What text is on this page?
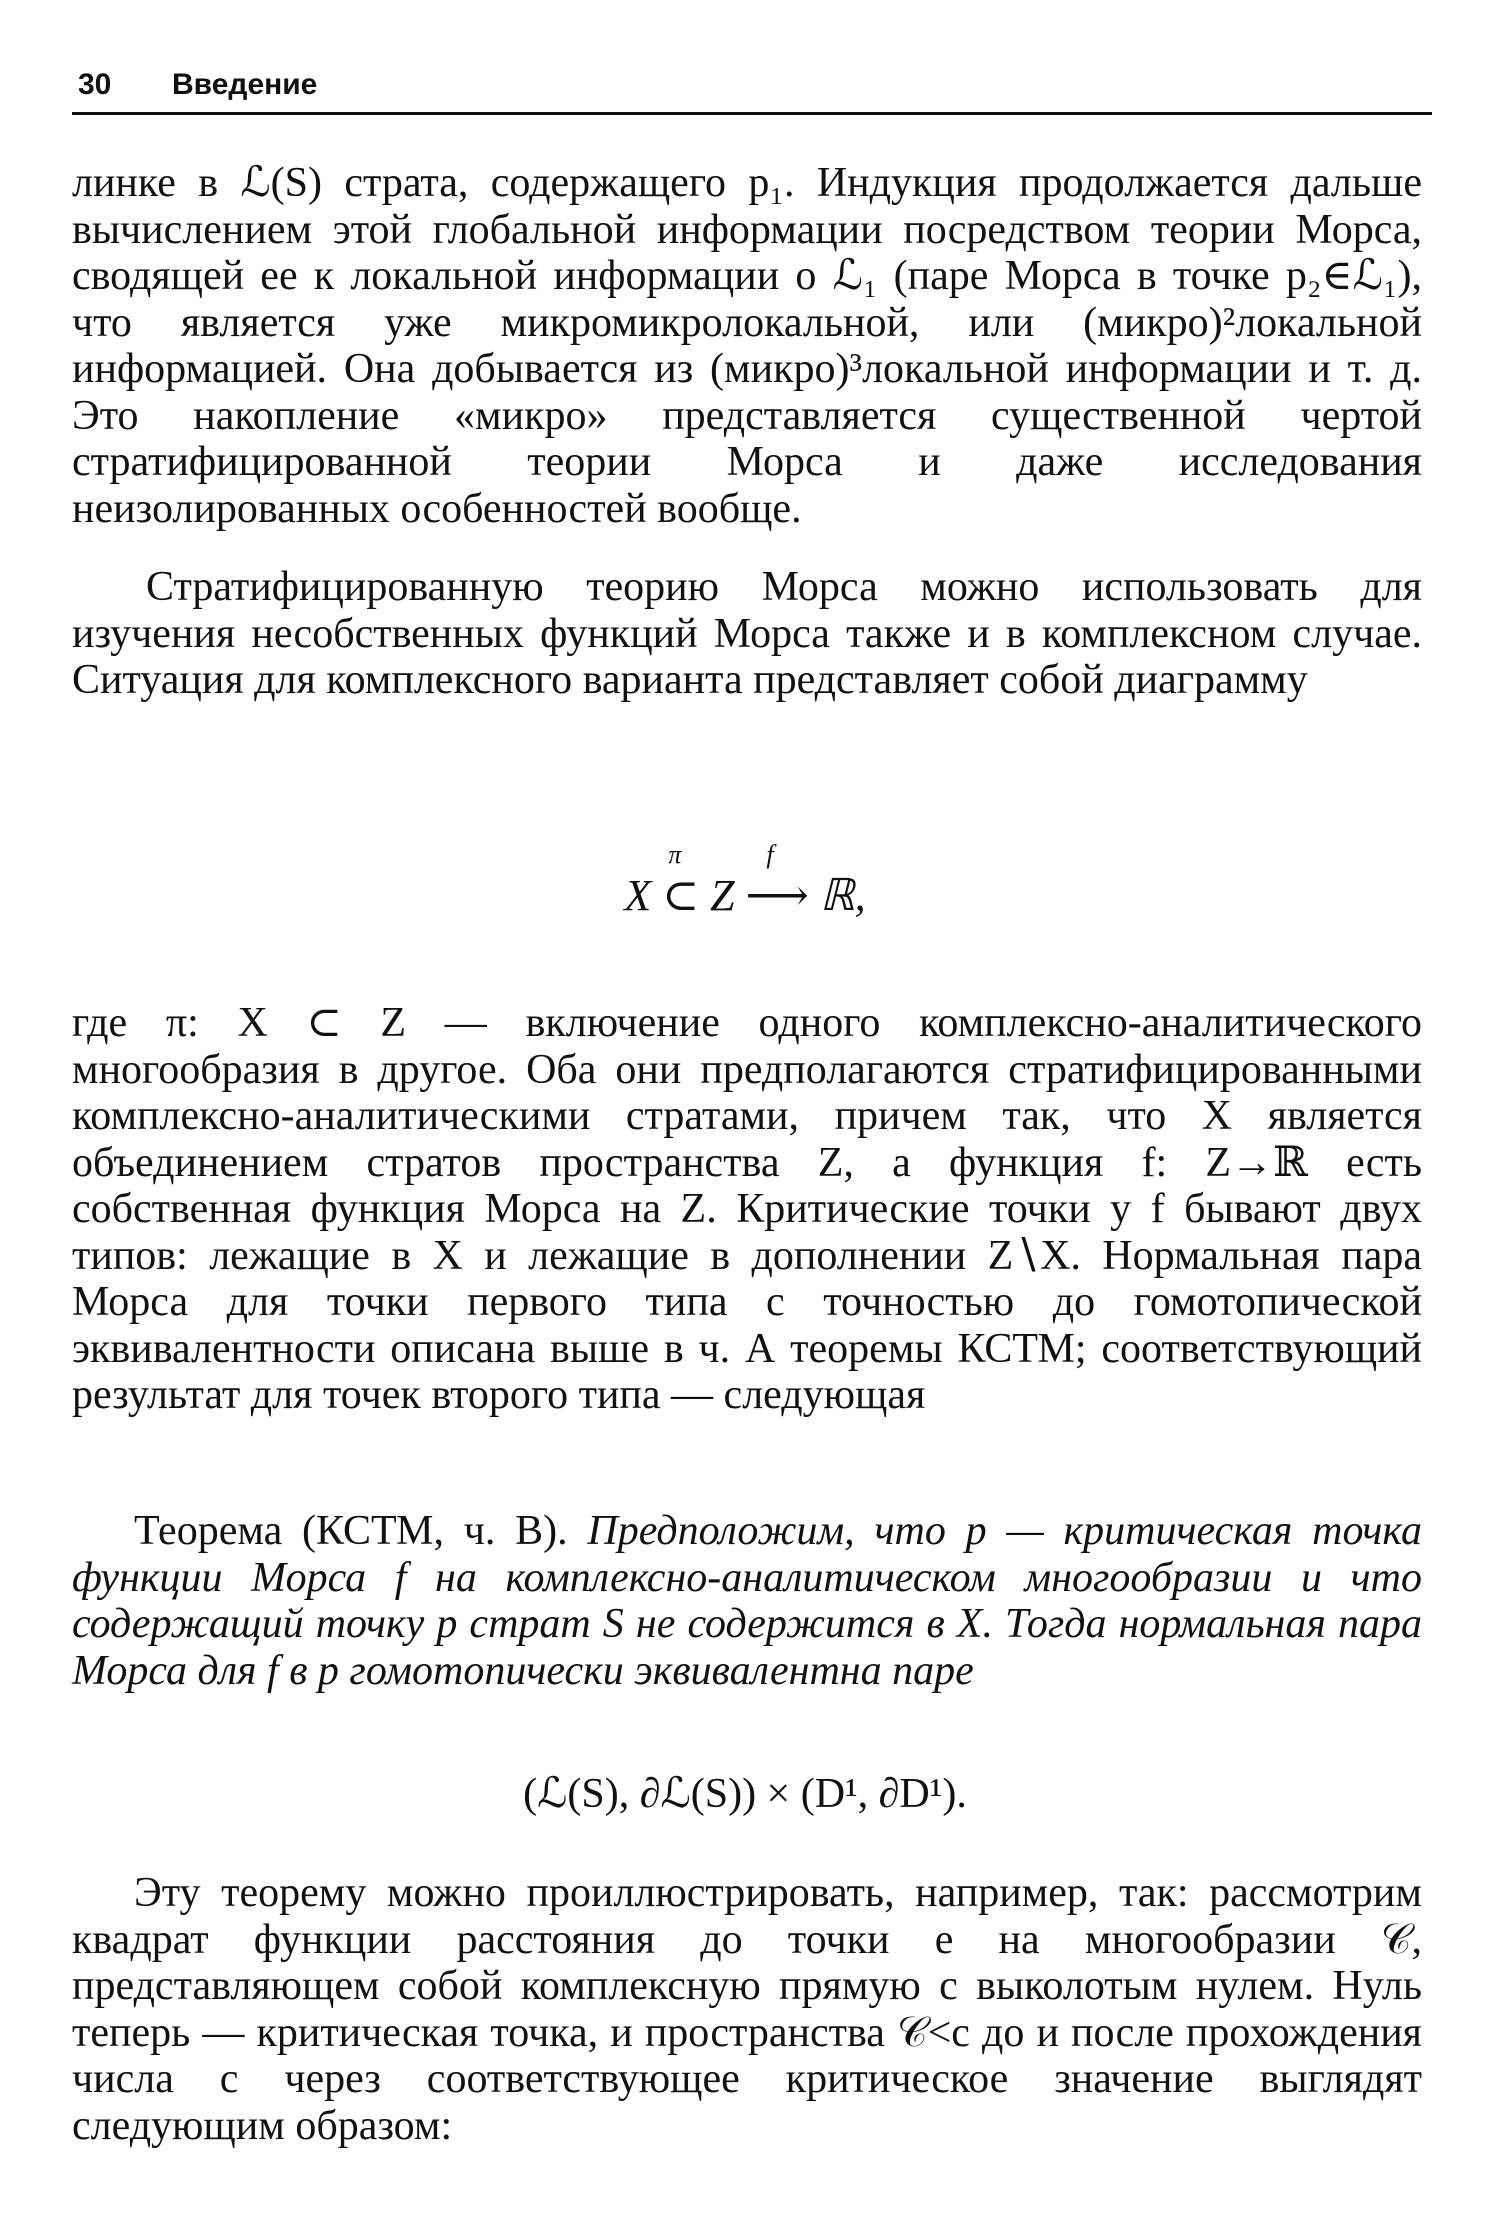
30 Введение
линке в ℒ(S) страта, содержащего p₁. Индукция продолжается дальше вычислением этой глобальной информации посредством теории Морса, сводящей ее к локальной информации о ℒ₁ (паре Морса в точке p₂∈ℒ₁), что является уже микромикролокальной, или (микро)²локальной информацией. Она добывается из (микро)³локальной информации и т. д. Это накопление «микро» представляется существенной чертой стратифицированной теории Морса и даже исследования неизолированных особенностей вообще.
Стратифицированную теорию Морса можно использовать для изучения несобственных функций Морса также и в комплексном случае. Ситуация для комплексного варианта представляет собой диаграмму
π	f
X ⊂ Z ⟶ ℝ,
где π: X ⊂ Z — включение одного комплексно-аналитического многообразия в другое. Оба они предполагаются стратифицированными комплексно-аналитическими стратами, причем так, что X является объединением стратов пространства Z, а функция f: Z→ℝ есть собственная функция Морса на Z. Критические точки у f бывают двух типов: лежащие в X и лежащие в дополнении Z∖X. Нормальная пара Морса для точки первого типа с точностью до гомотопической эквивалентности описана выше в ч. А теоремы КСТМ; соответствующий результат для точек второго типа — следующая
Теорема (КСТМ, ч. В). Предположим, что p — критическая точка функции Морса f на комплексно-аналитическом многообразии и что содержащий точку p страт S не содержится в X. Тогда нормальная пара Морса для f в p гомотопически эквивалентна паре
(ℒ(S), ∂ℒ(S)) × (D¹, ∂D¹).
Эту теорему можно проиллюстрировать, например, так: рассмотрим квадрат функции расстояния до точки e на многообразии 𝒞, представляющем собой комплексную прямую с выколотым нулем. Нуль теперь — критическая точка, и пространства 𝒞<c до и после прохождения числа c через соответствующее критическое значение выглядят следующим образом:
